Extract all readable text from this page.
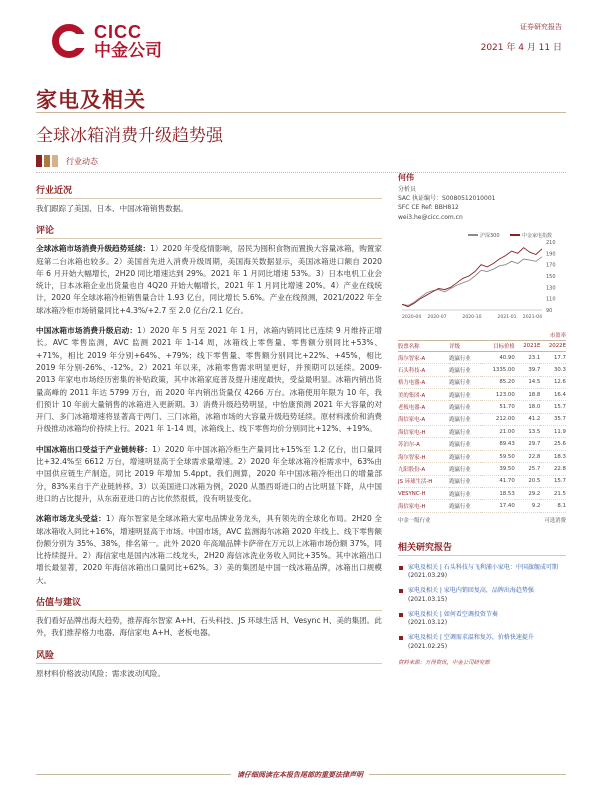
CICC
中金公司
证券研究报告
2021 年 4 月 11 日
家电及相关
全球冰箱消费升级趋势强
行业动态
行业近况
我们跟踪了美国、日本、中国冰箱销售数据。
评论
全球冰箱市场消费升级趋势延续：1）2020 年受疫情影响，居民为囤积食物而置换大容量冰箱，购置家庭第二台冰箱也较多。2）美国首先进入消费升级周期，美国海关数据显示，美国冰箱进口额自 2020 年 6 月开始大幅增长，2H20 同比增速达到 29%。2021 年 1 月同比增速 53%。3）日本电机工业会统计，日本冰箱企业出货量也自 4Q20 开始大幅增长，2021 年 1 月同比增速 20%。4）产业在线统计，2020 年全球冰箱冷柜销售量合计 1.93 亿台，同比增长 5.6%。产业在线预测，2021/2022 年全球冰箱冷柜市场销量同比+4.3%/+2.7 至 2.0 亿台/2.1 亿台。
中国冰箱市场消费升级启动：1）2020 年 5 月至 2021 年 1 月，冰箱内销同比已连续 9 月维持正增长。AVC 零售监测，AVC 监测 2021 年 1-14 周，冰箱线上零售量、零售额分别同比+53%、+71%，相比 2019 年分别+64%、+79%；线下零售量、零售额分别同比+22%、+45%，相比 2019 年分别-26%、-12%。2）2021 年以来，冰箱零售需求明显更好，并预期可以延续。2009-2013 年家电市场经历密集的补贴政策，其中冰箱家庭普及提升速度最快，受益最明显。冰箱内销出货量高峰的 2011 年达 5799 万台，而 2020 年内销出货量仅 4266 万台。冰箱使用年限为 10 年，我们预计 10 年前大量销售的冰箱进入更新期。3）消费升级趋势明显，中怡康预测 2021 年大容量的对开门、多门冰箱增速将显著高于两门、三门冰箱，冰箱市场的大容量升级趋势延续。原材料涨价和消费升级推动冰箱均价持续上行。2021 年 1-14 周，冰箱线上、线下零售均价分别同比+12%、+19%。
中国冰箱出口受益于产业链转移：1）2020 年中国冰箱冷柜生产量同比+15%至 1.2 亿台，出口量同比+32.4%至 6612 万台，增速明显高于全球需求量增速。2）2020 年全球冰箱冷柜需求中，63%由中国供应链生产制造，同比 2019 年增加 5.4ppt。我们测算，2020 年中国冰箱冷柜出口的增量部分，83%来自于产业链转移。3）以美国进口冰箱为例，2020 从墨西哥进口的占比明显下降，从中国进口的占比提升，从东南亚进口的占比依然很低，没有明显变化。
冰箱市场龙头受益：1）海尔智家是全球冰箱大家电品牌业务龙头，具有领先的全球化布局。2H20 全球冰箱收入同比+16%，增速明显高于市场。中国市场，AVC 监测海尔冰箱 2020 年线上、线下零售额份额分别为 35%、38%，排名第一。此外 2020 年高端品牌卡萨帝在万元以上冰箱市场份额 37%，同比持续提升。2）海信家电是国内冰箱二线龙头，2H20 海信冰洗业务收入同比+35%。其中冰箱出口增长最显著，2020 年海信冰箱出口量同比+62%。3）美的集团是中国一线冰箱品牌，冰箱出口规模大。
估值与建议
我们看好品牌出海大趋势，推荐海尔智家 A+H、石头科技、JS 环球生活 H、Vesync H、美的集团。此外，我们推荐格力电器、海信家电 A+H、老板电器。
风险
原材料价格波动风险；需求波动风险。
何伟
分析员
SAC 执证编号：S0080512010001
SFC CE Ref: BBH812
wei3.he@cicc.com.cn
沪深300	中金家电指数
210
190
170
150
130
110
90
2020-04 2020-07	2020-10	2021-01 2021-04
			市盈率	
股票名称	评级	目标价格	2021E	2022E
海尔智家-A	跑赢行业	40.90	23.1	17.7
石头科技-A	跑赢行业	1335.00	39.7	30.3
格力电器-A	跑赢行业	85.20	14.5	12.6
美的集团-A	跑赢行业	123.00	18.8	16.4
老板电器-A	跑赢行业	51.70	18.0	15.7
海信家电-A	跑赢行业	212.00	41.2	35.7
海信家电-H	跑赢行业	21.00	13.5	11.9
苏泊尔-A	跑赢行业	89.43	29.7	25.6
海尔智家-H	跑赢行业	59.50	22.8	18.3
九阳股份-A	跑赢行业	39.50	25.7	22.8
JS 环球生活-H	跑赢行业	41.70	20.5	15.7
VESYNC-H	跑赢行业	18.53	29.2	21.5
海信家电-H	跑赢行业	17.40	9.2	8.1
中金一级行业	可选消费
相关研究报告
家电及相关 | 石头科技与飞利浦小家电：中国旗舰成可期
(2021.03.29)
家电及相关 | 家电内销回复高，品牌出海趋势强
(2021.03.15)
家电及相关 | 如何看空调投资节奏
(2021.03.12)
家电及相关 | 空调需求温和复苏，价格快速提升
(2021.02.25)
资料来源：万得资讯，中金公司研究部
请仔细阅读在本报告尾部的重要法律声明
